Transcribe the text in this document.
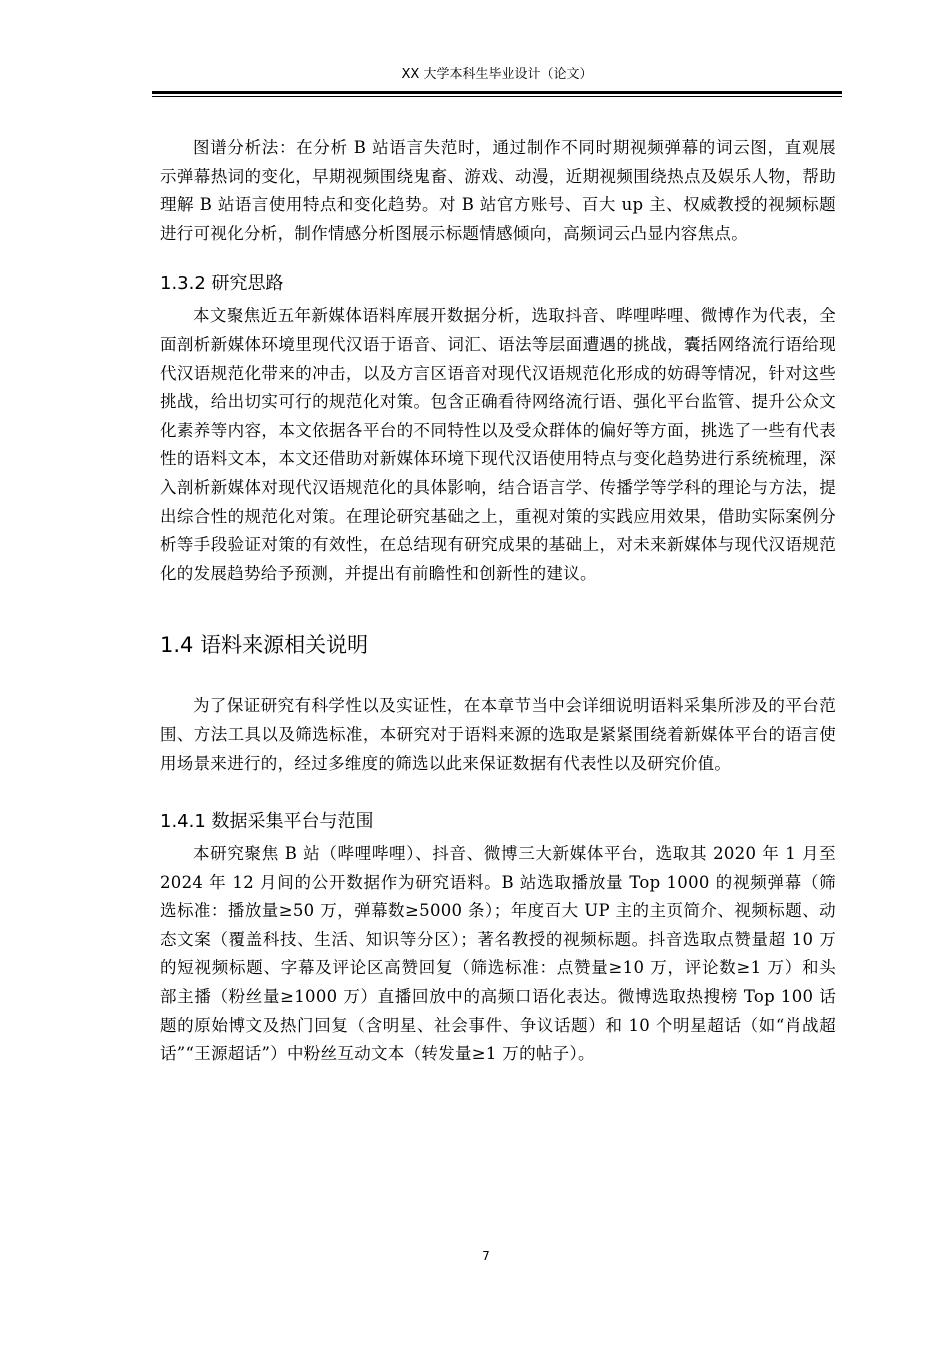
XX 大学本科生毕业设计（论文）

图谱分析法：在分析 B 站语言失范时，通过制作不同时期视频弹幕的词云图，直观展示弹幕热词的变化，早期视频围绕鬼畜、游戏、动漫，近期视频围绕热点及娱乐人物，帮助理解 B 站语言使用特点和变化趋势。对 B 站官方账号、百大 up 主、权威教授的视频标题进行可视化分析，制作情感分析图展示标题情感倾向，高频词云凸显内容焦点。

1.3.2 研究思路

本文聚焦近五年新媒体语料库展开数据分析，选取抖音、哔哩哔哩、微博作为代表，全面剖析新媒体环境里现代汉语于语音、词汇、语法等层面遭遇的挑战，囊括网络流行语给现代汉语规范化带来的冲击，以及方言区语音对现代汉语规范化形成的妨碍等情况，针对这些挑战，给出切实可行的规范化对策。包含正确看待网络流行语、强化平台监管、提升公众文化素养等内容，本文依据各平台的不同特性以及受众群体的偏好等方面，挑选了一些有代表性的语料文本，本文还借助对新媒体环境下现代汉语使用特点与变化趋势进行系统梳理，深入剖析新媒体对现代汉语规范化的具体影响，结合语言学、传播学等学科的理论与方法，提出综合性的规范化对策。在理论研究基础之上，重视对策的实践应用效果，借助实际案例分析等手段验证对策的有效性，在总结现有研究成果的基础上，对未来新媒体与现代汉语规范化的发展趋势给予预测，并提出有前瞻性和创新性的建议。

1.4 语料来源相关说明

为了保证研究有科学性以及实证性，在本章节当中会详细说明语料采集所涉及的平台范围、方法工具以及筛选标准，本研究对于语料来源的选取是紧紧围绕着新媒体平台的语言使用场景来进行的，经过多维度的筛选以此来保证数据有代表性以及研究价值。

1.4.1 数据采集平台与范围

本研究聚焦 B 站（哔哩哔哩）、抖音、微博三大新媒体平台，选取其 2020 年 1 月至 2024 年 12 月间的公开数据作为研究语料。B 站选取播放量 Top 1000 的视频弹幕（筛选标准：播放量≥50 万，弹幕数≥5000 条）；年度百大 UP 主的主页简介、视频标题、动态文案（覆盖科技、生活、知识等分区）；著名教授的视频标题。抖音选取点赞量超 10 万的短视频标题、字幕及评论区高赞回复（筛选标准：点赞量≥10 万，评论数≥1 万）和头部主播（粉丝量≥1000 万）直播回放中的高频口语化表达。微博选取热搜榜 Top 100 话题的原始博文及热门回复（含明星、社会事件、争议话题）和 10 个明星超话（如“肖战超话”“王源超话”）中粉丝互动文本（转发量≥1 万的帖子）。

7
